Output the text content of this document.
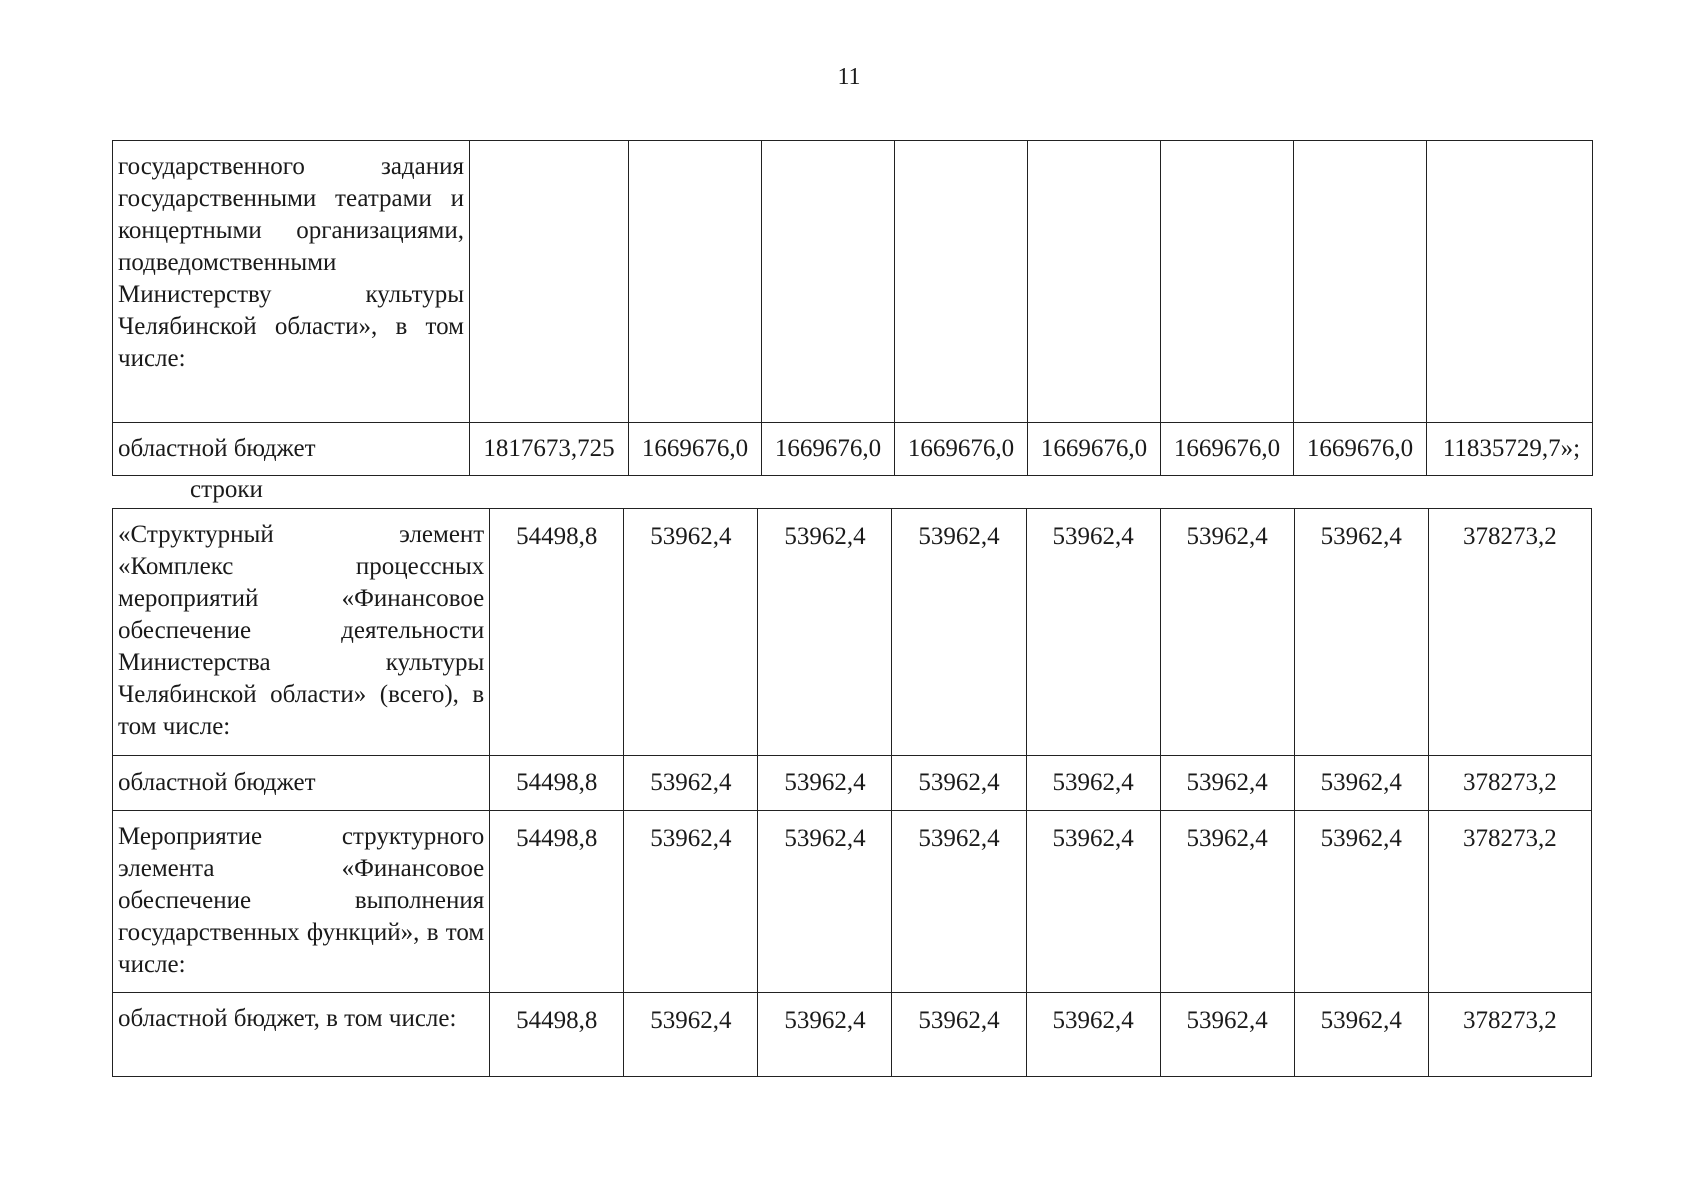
11
государственного задания государственными театрами и концертными организациями, подведомственными Министерству культуры Челябинской области», в том числе:								
областной бюджет	1817673,725	1669676,0	1669676,0	1669676,0	1669676,0	1669676,0	1669676,0	11835729,7»;
строки
«Структурный элемент «Комплекс процессных мероприятий «Финансовое обеспечение деятельности Министерства культуры Челябинской области» (всего), в том числе:	54498,8	53962,4	53962,4	53962,4	53962,4	53962,4	53962,4	378273,2
областной бюджет	54498,8	53962,4	53962,4	53962,4	53962,4	53962,4	53962,4	378273,2
Мероприятие структурного элемента «Финансовое обеспечение выполнения государственных функций», в том числе:	54498,8	53962,4	53962,4	53962,4	53962,4	53962,4	53962,4	378273,2
областной бюджет, в том числе:	54498,8	53962,4	53962,4	53962,4	53962,4	53962,4	53962,4	378273,2
